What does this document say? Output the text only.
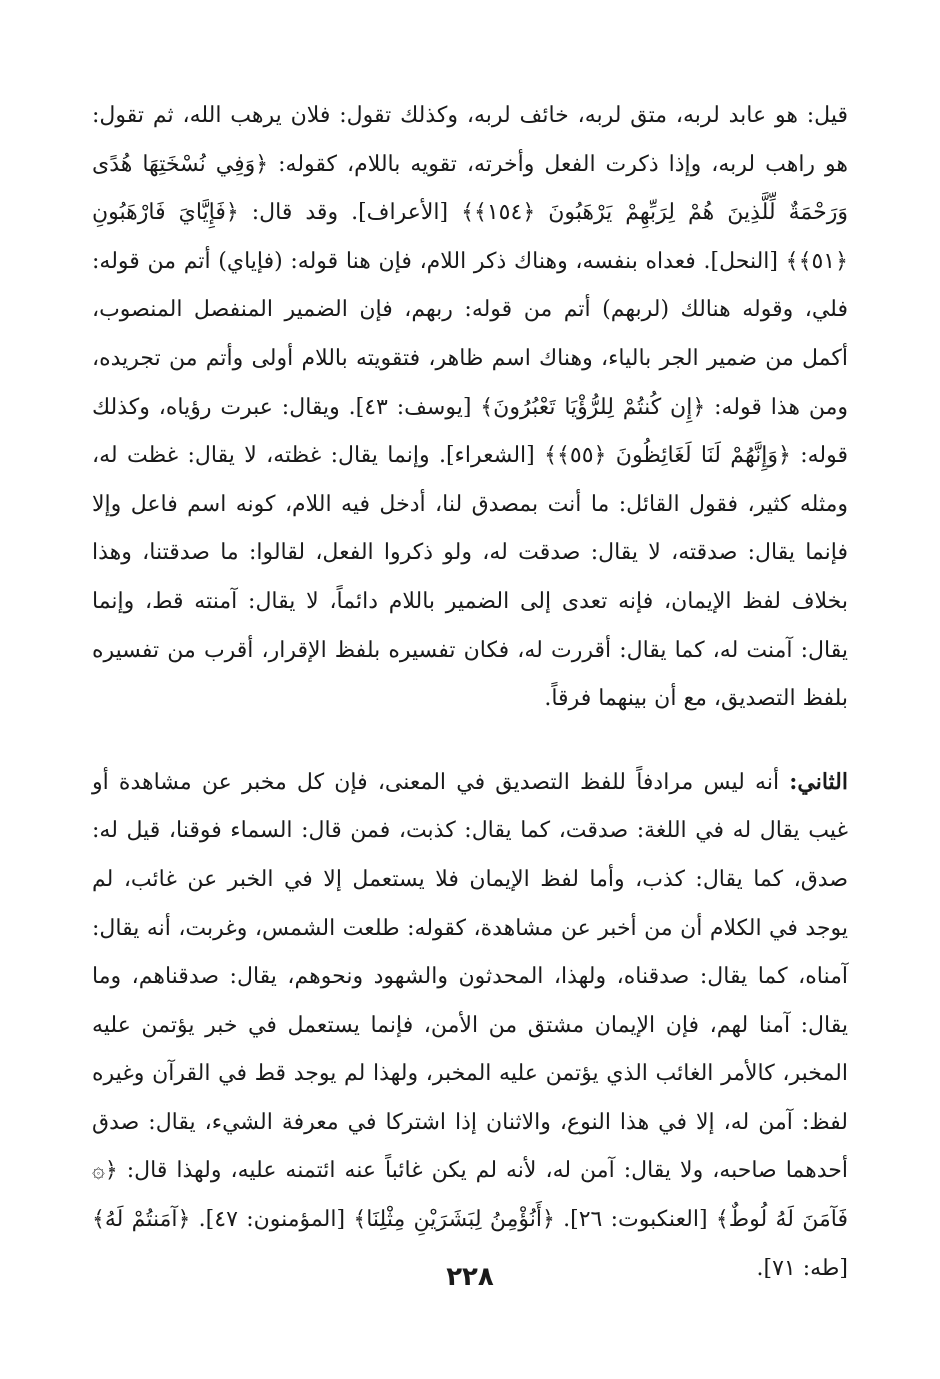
قيل: هو عابد لربه، متق لربه، خائف لربه، وكذلك تقول: فلان يرهب الله، ثم تقول: هو راهب لربه، وإذا ذكرت الفعل وأخرته، تقويه باللام، كقوله: ﴿وَفِي نُسْخَتِهَا هُدًى وَرَحْمَةٌ لِّلَّذِينَ هُمْ لِرَبِّهِمْ يَرْهَبُونَ ﴿١٥٤﴾﴾ [الأعراف]. وقد قال: ﴿فَإِيَّايَ فَارْهَبُونِ ﴿٥١﴾﴾ [النحل]. فعداه بنفسه، وهناك ذكر اللام، فإن هنا قوله: (فإياي) أتم من قوله: فلي، وقوله هنالك (لربهم) أتم من قوله: ربهم، فإن الضمير المنفصل المنصوب، أكمل من ضمير الجر بالياء، وهناك اسم ظاهر، فتقويته باللام أولى وأتم من تجريده، ومن هذا قوله: ﴿إِن كُنتُمْ لِلرُّؤْيَا تَعْبُرُونَ﴾ [يوسف: ٤٣]. ويقال: عبرت رؤياه، وكذلك قوله: ﴿وَإِنَّهُمْ لَنَا لَغَائِظُونَ ﴿٥٥﴾﴾ [الشعراء]. وإنما يقال: غظته، لا يقال: غظت له، ومثله كثير، فقول القائل: ما أنت بمصدق لنا، أدخل فيه اللام، كونه اسم فاعل وإلا فإنما يقال: صدقته، لا يقال: صدقت له، ولو ذكروا الفعل، لقالوا: ما صدقتنا، وهذا بخلاف لفظ الإيمان، فإنه تعدى إلى الضمير باللام دائماً، لا يقال: آمنته قط، وإنما يقال: آمنت له، كما يقال: أقررت له، فكان تفسيره بلفظ الإقرار، أقرب من تفسيره بلفظ التصديق، مع أن بينهما فرقاً.

الثاني: أنه ليس مرادفاً للفظ التصديق في المعنى، فإن كل مخبر عن مشاهدة أو غيب يقال له في اللغة: صدقت، كما يقال: كذبت، فمن قال: السماء فوقنا، قيل له: صدق، كما يقال: كذب، وأما لفظ الإيمان فلا يستعمل إلا في الخبر عن غائب، لم يوجد في الكلام أن من أخبر عن مشاهدة، كقوله: طلعت الشمس، وغربت، أنه يقال: آمناه، كما يقال: صدقناه، ولهذا، المحدثون والشهود ونحوهم، يقال: صدقناهم، وما يقال: آمنا لهم، فإن الإيمان مشتق من الأمن، فإنما يستعمل في خبر يؤتمن عليه المخبر، كالأمر الغائب الذي يؤتمن عليه المخبر، ولهذا لم يوجد قط في القرآن وغيره لفظ: آمن له، إلا في هذا النوع، والاثنان إذا اشتركا في معرفة الشيء، يقال: صدق أحدهما صاحبه، ولا يقال: آمن له، لأنه لم يكن غائباً عنه ائتمنه عليه، ولهذا قال: ﴿۞ فَآمَنَ لَهُ لُوطٌ﴾ [العنكبوت: ٢٦]. ﴿أَنُؤْمِنُ لِبَشَرَيْنِ مِثْلِنَا﴾ [المؤمنون: ٤٧]. ﴿آمَنتُمْ لَهُ﴾ [طه: ٧١].

٢٢٨
